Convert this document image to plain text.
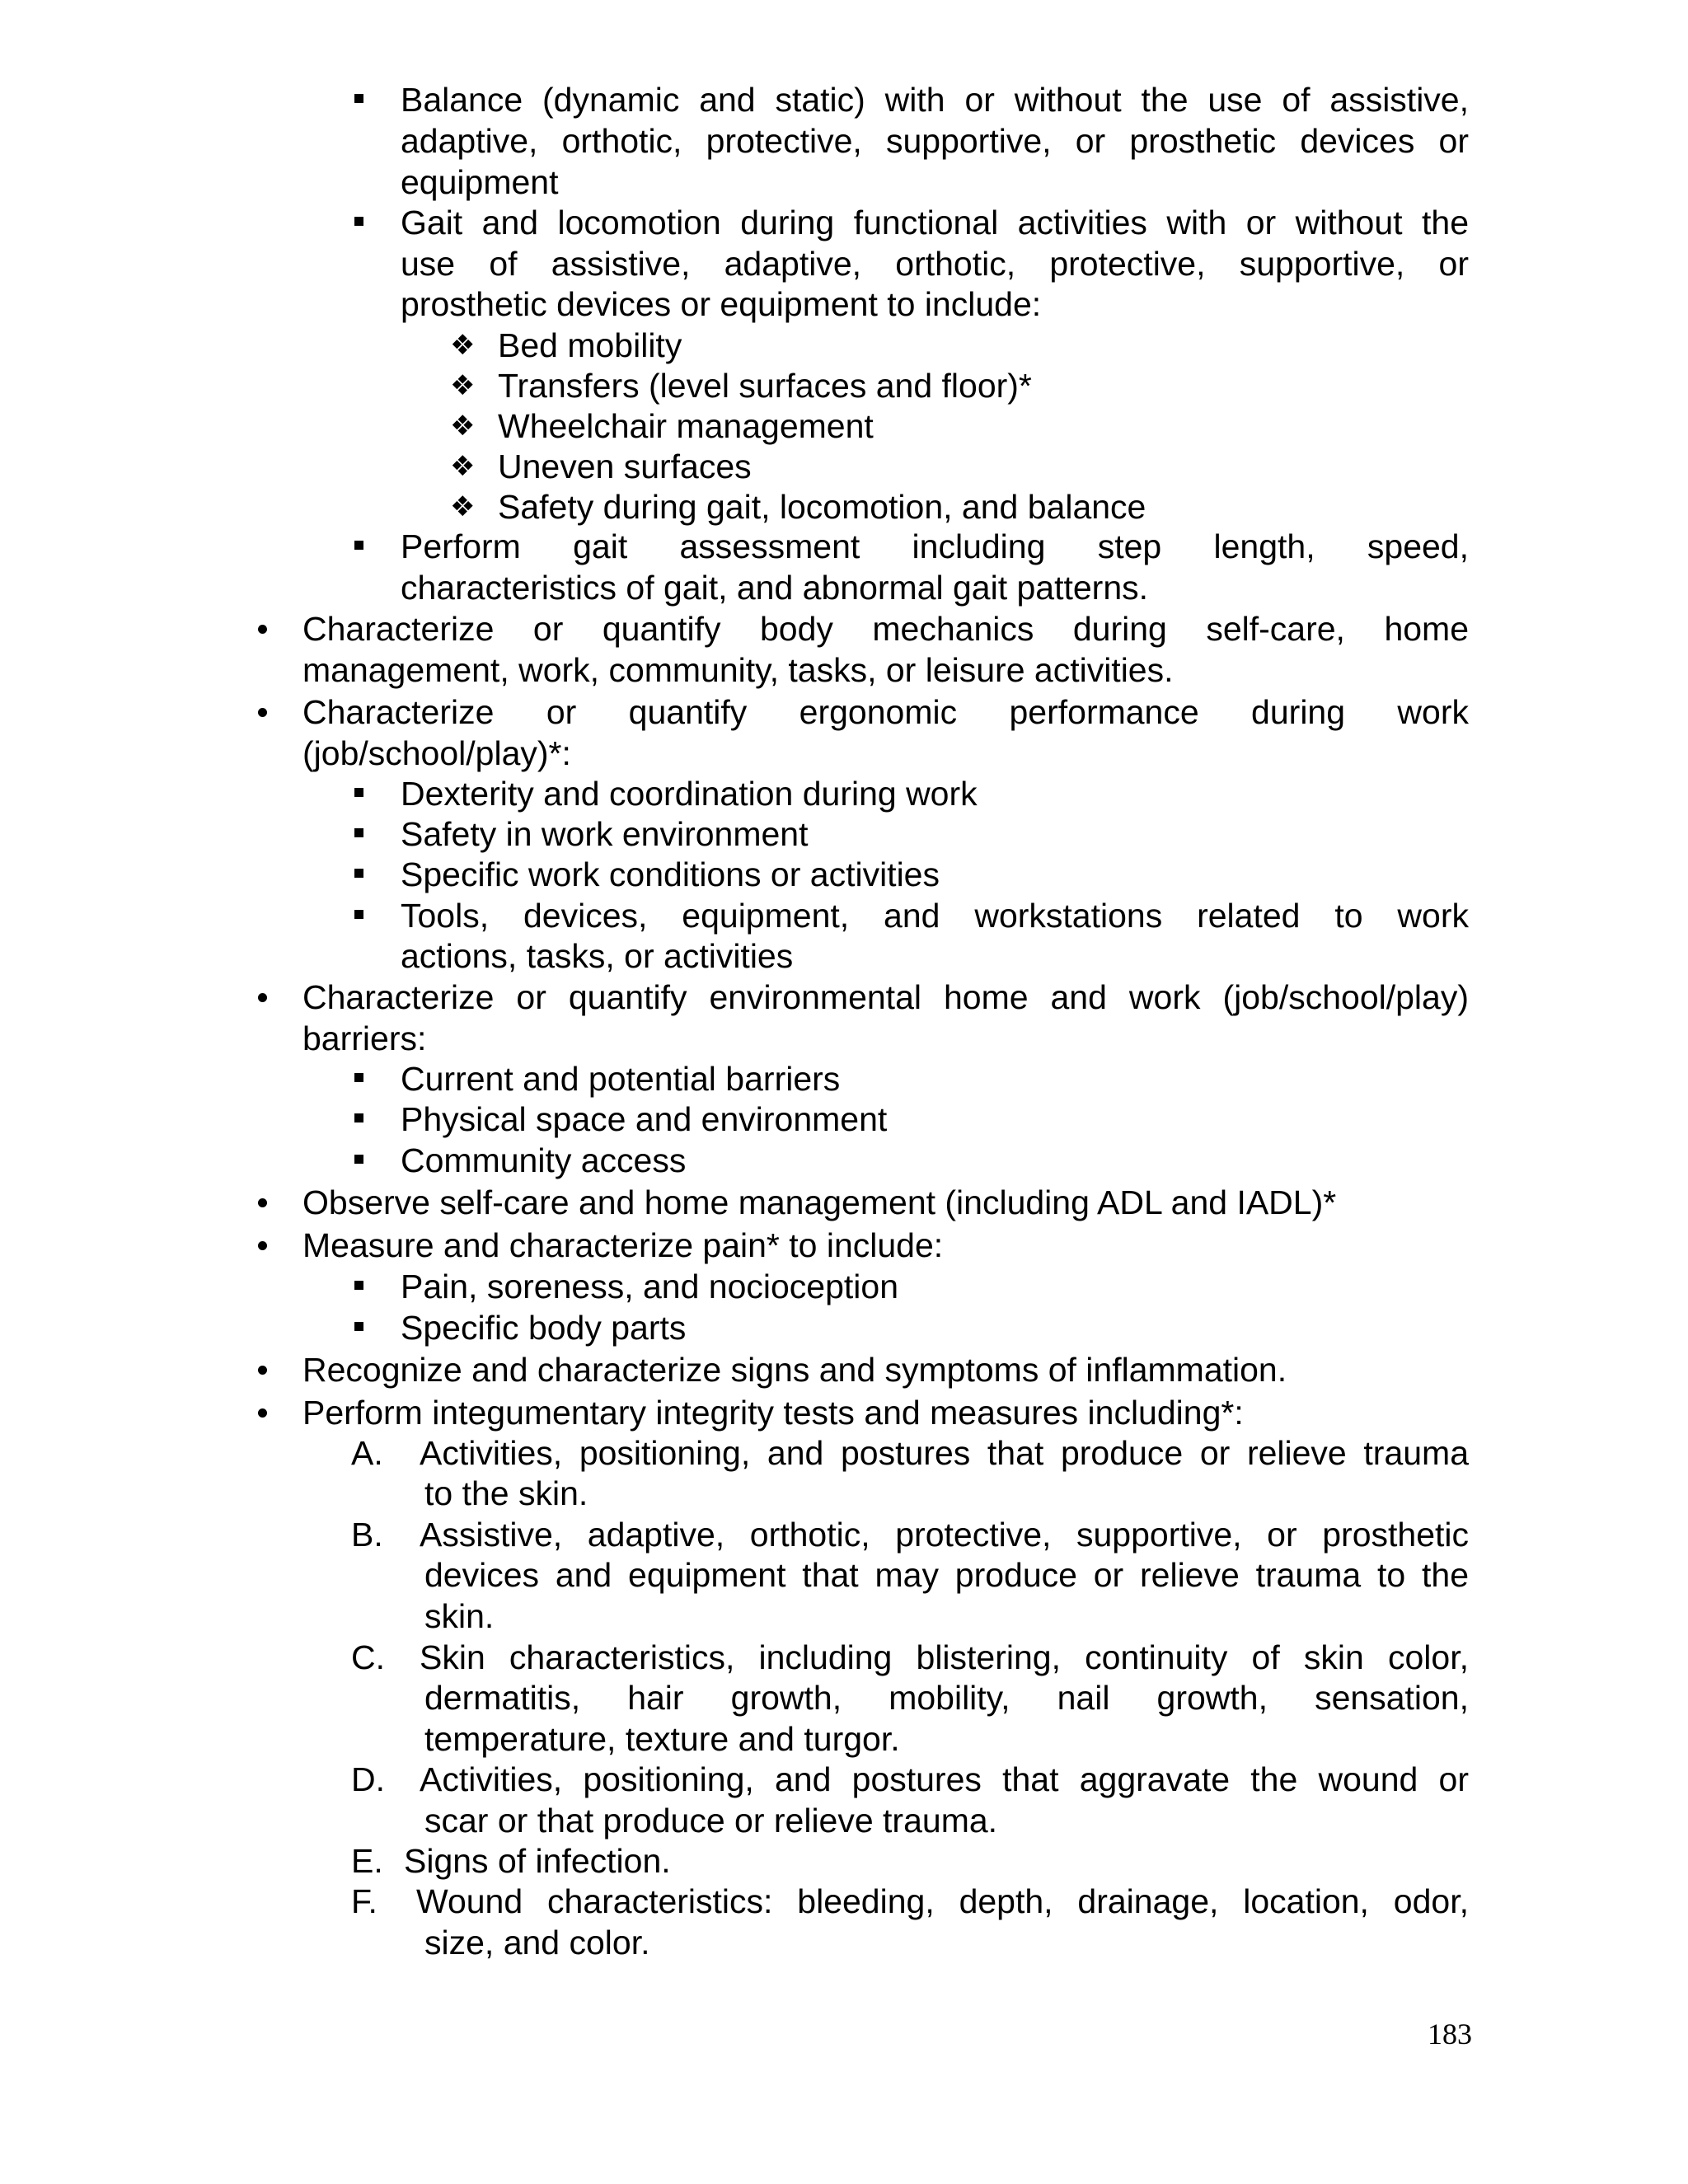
Balance (dynamic and static) with or without the use of assistive,
adaptive, orthotic, protective, supportive, or prosthetic devices or
equipment
Gait and locomotion during functional activities with or without the
use of assistive, adaptive, orthotic, protective, supportive, or
prosthetic devices or equipment to include:
❖ Bed mobility
❖ Transfers (level surfaces and floor)*
❖ Wheelchair management
❖ Uneven surfaces
❖ Safety during gait, locomotion, and balance
Perform gait assessment including step length, speed,
characteristics of gait, and abnormal gait patterns.
Characterize or quantify body mechanics during self-care, home
management, work, community, tasks, or leisure activities.
Characterize or quantify ergonomic performance during work
(job/school/play)*:
Dexterity and coordination during work
Safety in work environment
Specific work conditions or activities
Tools, devices, equipment, and workstations related to work
actions, tasks, or activities
Characterize or quantify environmental home and work (job/school/play)
barriers:
Current and potential barriers
Physical space and environment
Community access
Observe self-care and home management (including ADL and IADL)*
Measure and characterize pain* to include:
Pain, soreness, and nocioception
Specific body parts
Recognize and characterize signs and symptoms of inflammation.
Perform integumentary integrity tests and measures including*:
A. Activities, positioning, and postures that produce or relieve trauma
to the skin.
B. Assistive, adaptive, orthotic, protective, supportive, or prosthetic
devices and equipment that may produce or relieve trauma to the
skin.
C. Skin characteristics, including blistering, continuity of skin color,
dermatitis, hair growth, mobility, nail growth, sensation,
temperature, texture and turgor.
D. Activities, positioning, and postures that aggravate the wound or
scar or that produce or relieve trauma.
E. Signs of infection.
F. Wound characteristics: bleeding, depth, drainage, location, odor,
size, and color.
183
